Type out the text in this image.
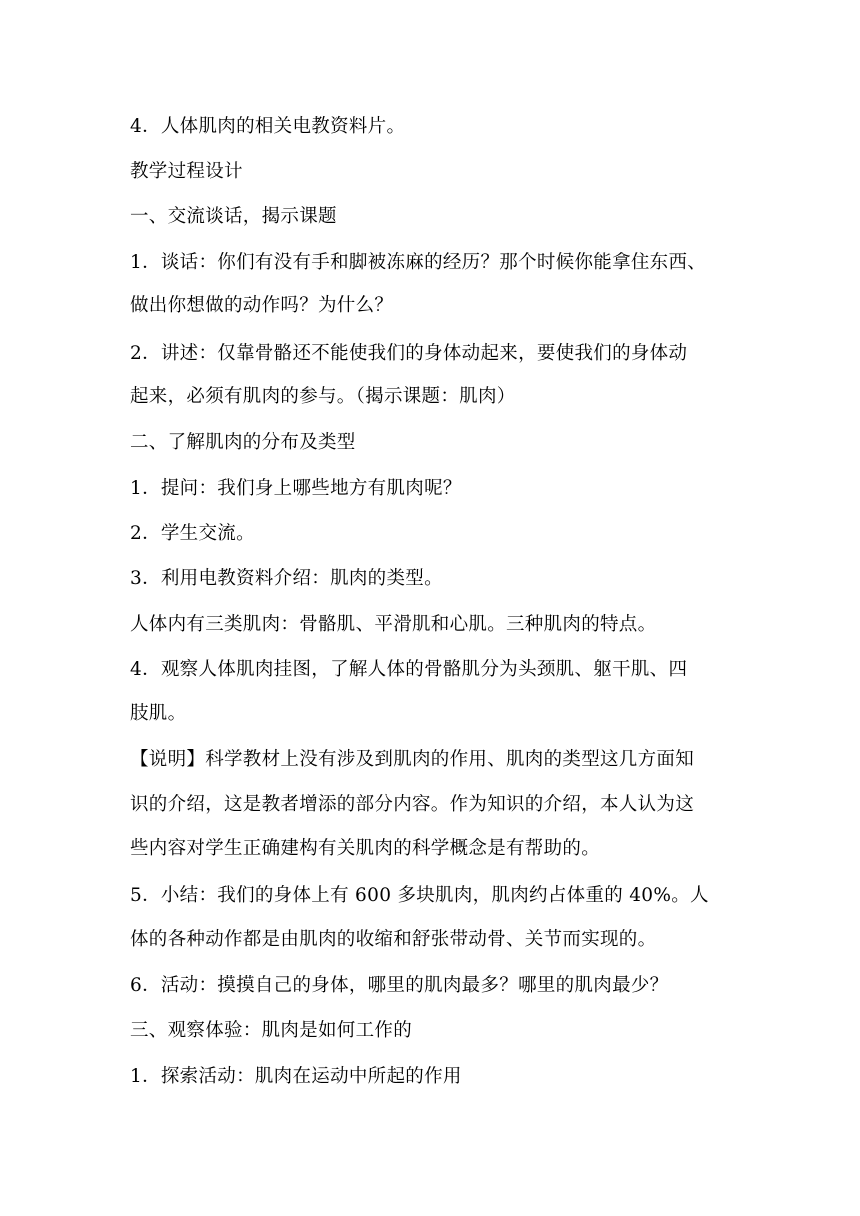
4．人体肌肉的相关电教资料片。
教学过程设计
一、交流谈话，揭示课题
1．谈话：你们有没有手和脚被冻麻的经历？那个时候你能拿住东西、
做出你想做的动作吗？为什么？
2．讲述：仅靠骨骼还不能使我们的身体动起来，要使我们的身体动
起来，必须有肌肉的参与。（揭示课题：肌肉）
二、了解肌肉的分布及类型
1．提问：我们身上哪些地方有肌肉呢？
2．学生交流。
3．利用电教资料介绍：肌肉的类型。
人体内有三类肌肉：骨骼肌、平滑肌和心肌。三种肌肉的特点。
4．观察人体肌肉挂图，了解人体的骨骼肌分为头颈肌、躯干肌、四
肢肌。
【说明】科学教材上没有涉及到肌肉的作用、肌肉的类型这几方面知
识的介绍，这是教者增添的部分内容。作为知识的介绍，本人认为这
些内容对学生正确建构有关肌肉的科学概念是有帮助的。
5．小结：我们的身体上有 600 多块肌肉，肌肉约占体重的 40%。人
体的各种动作都是由肌肉的收缩和舒张带动骨、关节而实现的。
6．活动：摸摸自己的身体，哪里的肌肉最多？哪里的肌肉最少？
三、观察体验：肌肉是如何工作的
1．探索活动：肌肉在运动中所起的作用
